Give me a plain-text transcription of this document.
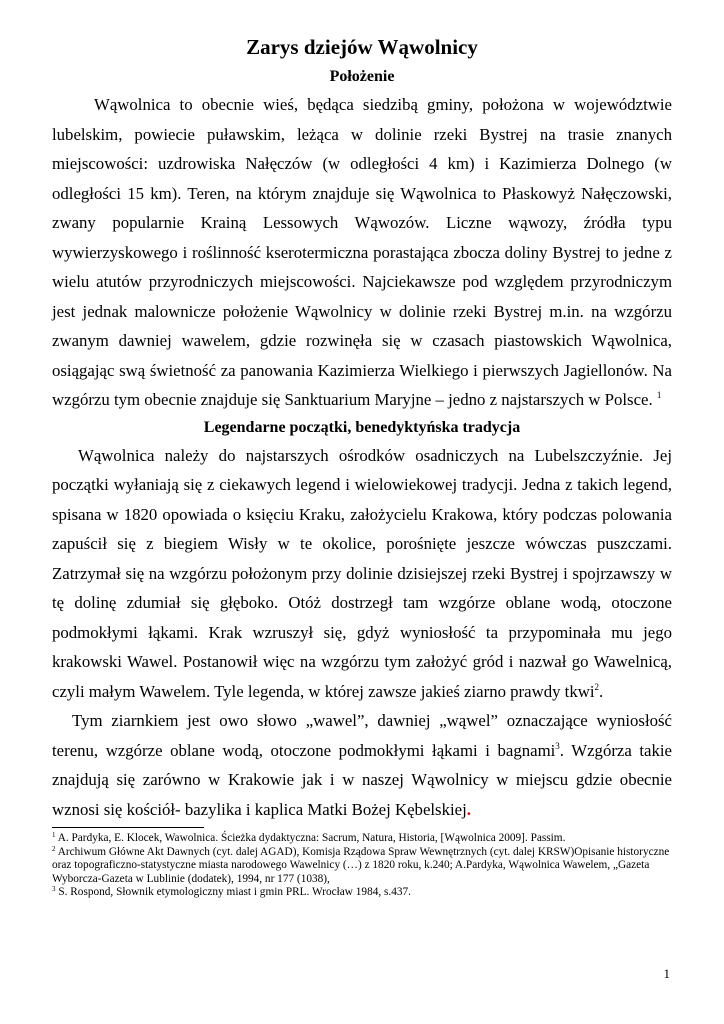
Zarys dziejów Wąwolnicy
Położenie

Wąwolnica to obecnie wieś, będąca siedzibą gminy, położona w województwie lubelskim, powiecie puławskim, leżąca w dolinie rzeki Bystrej na trasie znanych miejscowości: uzdrowiska Nałęczów (w odległości 4 km) i Kazimierza Dolnego (w odległości 15 km). Teren, na którym znajduje się Wąwolnica to Płaskowyż Nałęczowski, zwany popularnie Krainą Lessowych Wąwozów. Liczne wąwozy, źródła typu wywierzyskowego i roślinność kserotermiczna porastająca zbocza doliny Bystrej to jedne z wielu atutów przyrodniczych miejscowości. Najciekawsze pod względem przyrodniczym jest jednak malownicze położenie Wąwolnicy w dolinie rzeki Bystrej m.in. na wzgórzu zwanym dawniej wawelem, gdzie rozwinęła się w czasach piastowskich Wąwolnica, osiągając swą świetność za panowania Kazimierza Wielkiego i pierwszych Jagiellonów. Na wzgórzu tym obecnie znajduje się Sanktuarium Maryjne – jedno z najstarszych w Polsce. $^1$

Legendarne początki, benedyktyńska tradycja

Wąwolnica należy do najstarszych ośrodków osadniczych na Lubelszczyźnie. Jej początki wyłaniają się z ciekawych legend i wielowiekowej tradycji. Jedna z takich legend, spisana w 1820 opowiada o księciu Kraku, założycielu Krakowa, który podczas polowania zapuścił się z biegiem Wisły w te okolice, porośnięte jeszcze wówczas puszczami. Zatrzymał się na wzgórzu położonym przy dolinie dzisiejszej rzeki Bystrej i spojrzawszy w tę dolinę zdumiał się głęboko. Otóż dostrzegł tam wzgórze oblane wodą, otoczone podmokłymi łąkami. Krak wzruszył się, gdyż wyniosłość ta przypominała mu jego krakowski Wawel. Postanowił więc na wzgórzu tym założyć gród i nazwał go Wawelnicą, czyli małym Wawelem. Tyle legenda, w której zawsze jakieś ziarno prawdy tkwi$^2$.

Tym ziarnkiem jest owo słowo „wawel”, dawniej „wąwel” oznaczające wyniosłość terenu, wzgórze oblane wodą, otoczone podmokłymi łąkami i bagnami$^3$. Wzgórza takie znajdują się zarówno w Krakowie jak i w naszej Wąwolnicy w miejscu gdzie obecnie wznosi się kościół- bazylika i kaplica Matki Bożej Kębelskiej.

$^1$ A. Pardyka, E. Klocek, Wawolnica. Ścieżka dydaktyczna: Sacrum, Natura, Historia, [Wąwolnica 2009]. Passim.

$^2$ Archiwum Główne Akt Dawnych (cyt. dalej AGAD), Komisja Rządowa Spraw Wewnętrznych (cyt. dalej KRSW)Opisanie historyczne oraz topograficzno-statystyczne miasta narodowego Wawelnicy (…) z 1820 roku, k.240; A.Pardyka, Wąwolnica Wawelem, „Gazeta Wyborcza-Gazeta w Lublinie (dodatek), 1994, nr 177 (1038),

$^3$ S. Rospond, Słownik etymologiczny miast i gmin PRL. Wrocław 1984, s.437.

1
